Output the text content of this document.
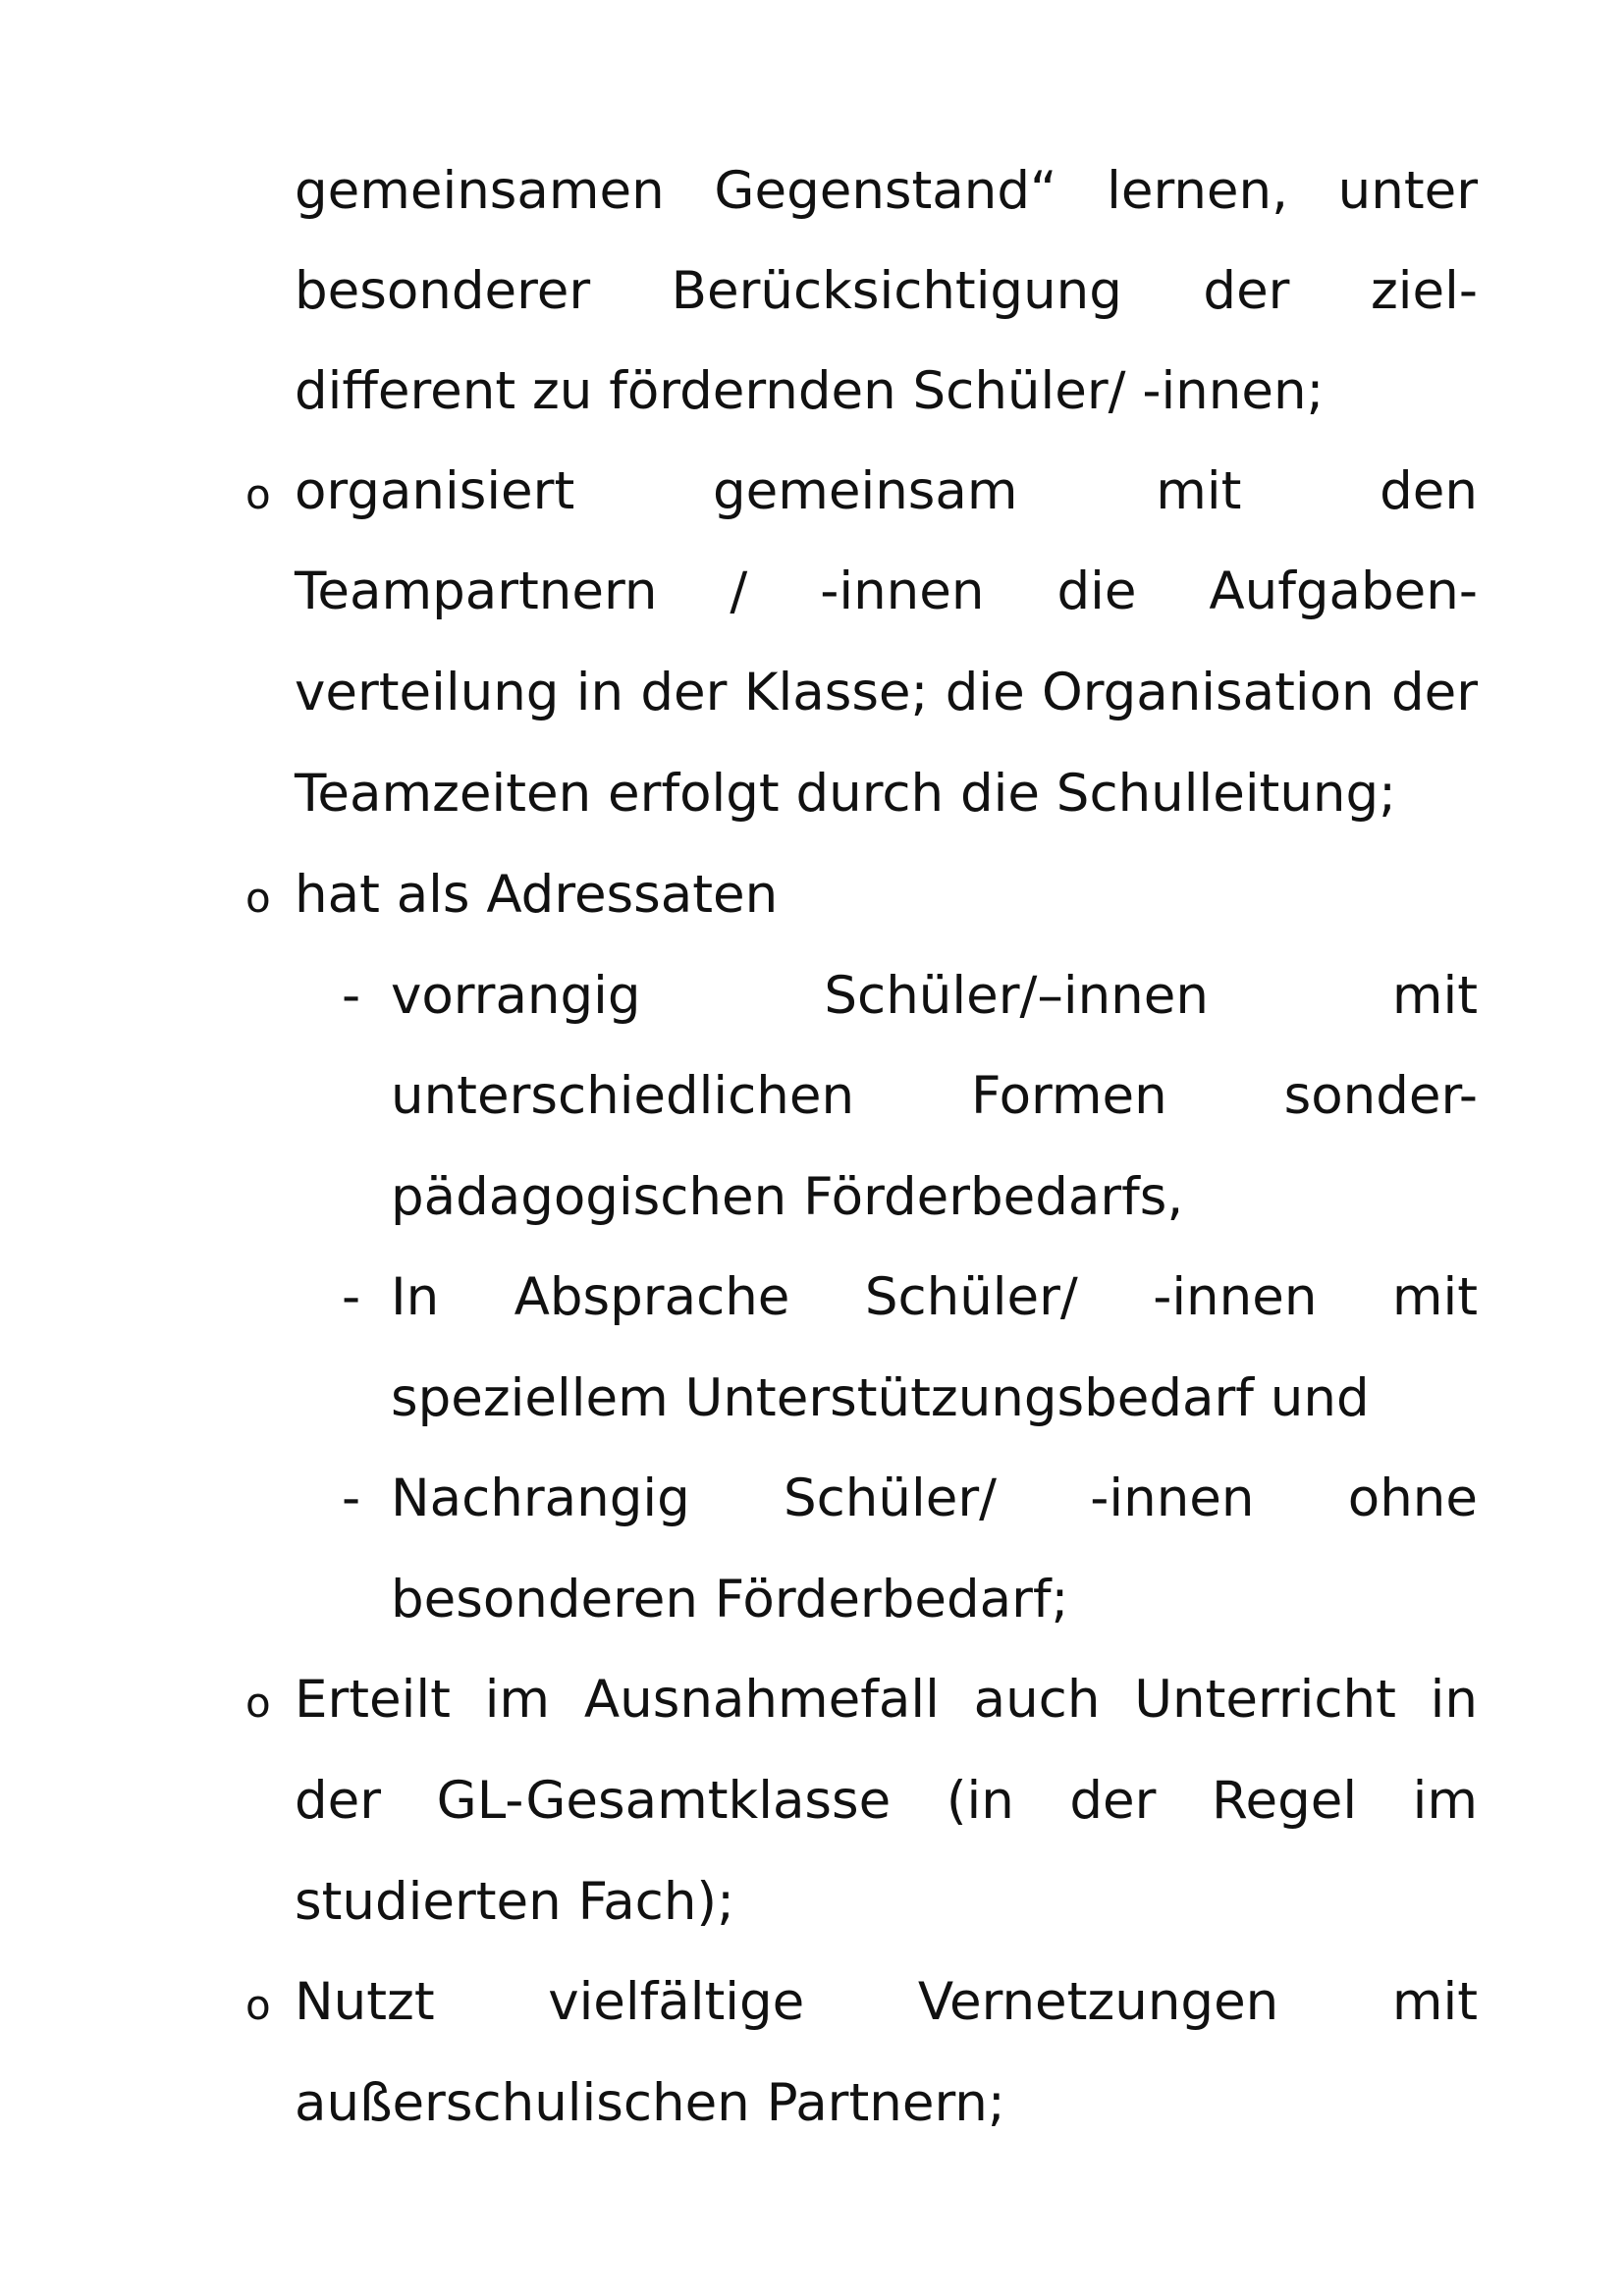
gemeinsamen Gegenstand“ lernen, unter
besonderer Berücksichtigung der ziel-
different zu fördernden Schüler/ -innen;
o organisiert gemeinsam mit den
Teampartnern / -innen die Aufgaben-
verteilung in der Klasse; die Organisation der
Teamzeiten erfolgt durch die Schulleitung;
o hat als Adressaten
- vorrangig Schüler/–innen mit
unterschiedlichen Formen sonder-
pädagogischen Förderbedarfs,
- In Absprache Schüler/ -innen mit
speziellem Unterstützungsbedarf und
- Nachrangig Schüler/ -innen ohne
besonderen Förderbedarf;
o Erteilt im Ausnahmefall auch Unterricht in
der GL-Gesamtklasse (in der Regel im
studierten Fach);
o Nutzt vielfältige Vernetzungen mit
außerschulischen Partnern;
